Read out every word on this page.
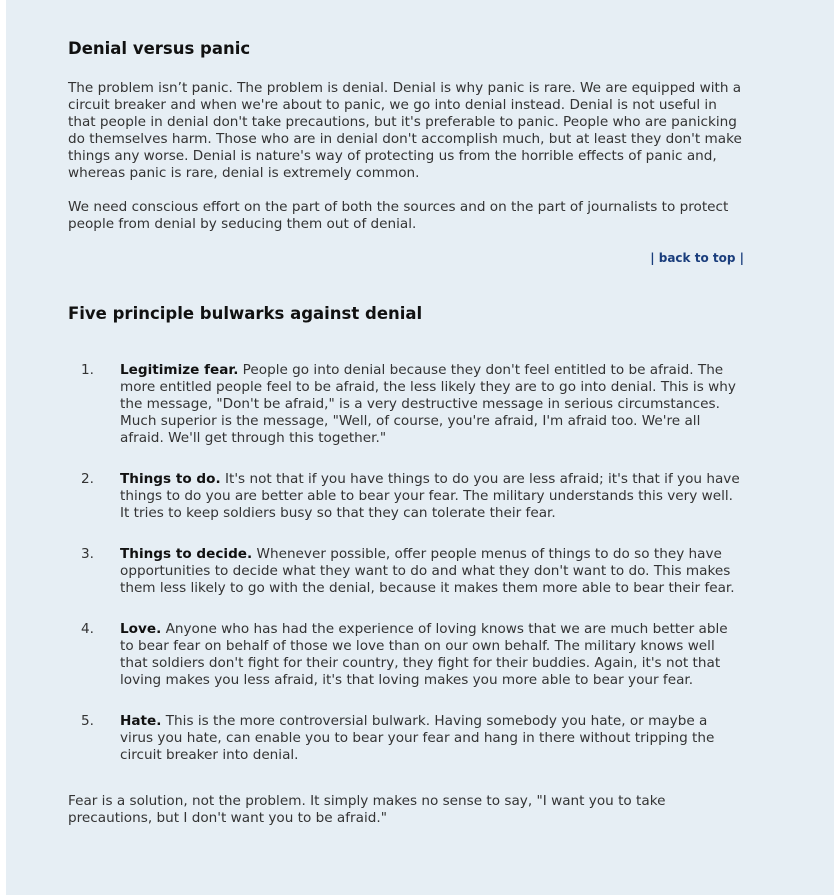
Denial versus panic

The problem isn’t panic. The problem is denial. Denial is why panic is rare. We are equipped with a circuit breaker and when we're about to panic, we go into denial instead. Denial is not useful in that people in denial don't take precautions, but it's preferable to panic. People who are panicking do themselves harm. Those who are in denial don't accomplish much, but at least they don't make things any worse. Denial is nature's way of protecting us from the horrible effects of panic and, whereas panic is rare, denial is extremely common.

We need conscious effort on the part of both the sources and on the part of journalists to protect people from denial by seducing them out of denial.

| back to top |
Five principle bulwarks against denial
1. Legitimize fear. People go into denial because they don't feel entitled to be afraid. The more entitled people feel to be afraid, the less likely they are to go into denial. This is why the message, "Don't be afraid," is a very destructive message in serious circumstances. Much superior is the message, "Well, of course, you're afraid, I'm afraid too. We're all afraid. We'll get through this together."
2. Things to do. It's not that if you have things to do you are less afraid; it's that if you have things to do you are better able to bear your fear. The military understands this very well. It tries to keep soldiers busy so that they can tolerate their fear.
3. Things to decide. Whenever possible, offer people menus of things to do so they have opportunities to decide what they want to do and what they don't want to do. This makes them less likely to go with the denial, because it makes them more able to bear their fear.
4. Love. Anyone who has had the experience of loving knows that we are much better able to bear fear on behalf of those we love than on our own behalf. The military knows well that soldiers don't fight for their country, they fight for their buddies. Again, it's not that loving makes you less afraid, it's that loving makes you more able to bear your fear.
5. Hate. This is the more controversial bulwark. Having somebody you hate, or maybe a virus you hate, can enable you to bear your fear and hang in there without tripping the circuit breaker into denial.

Fear is a solution, not the problem. It simply makes no sense to say, "I want you to take precautions, but I don't want you to be afraid."
